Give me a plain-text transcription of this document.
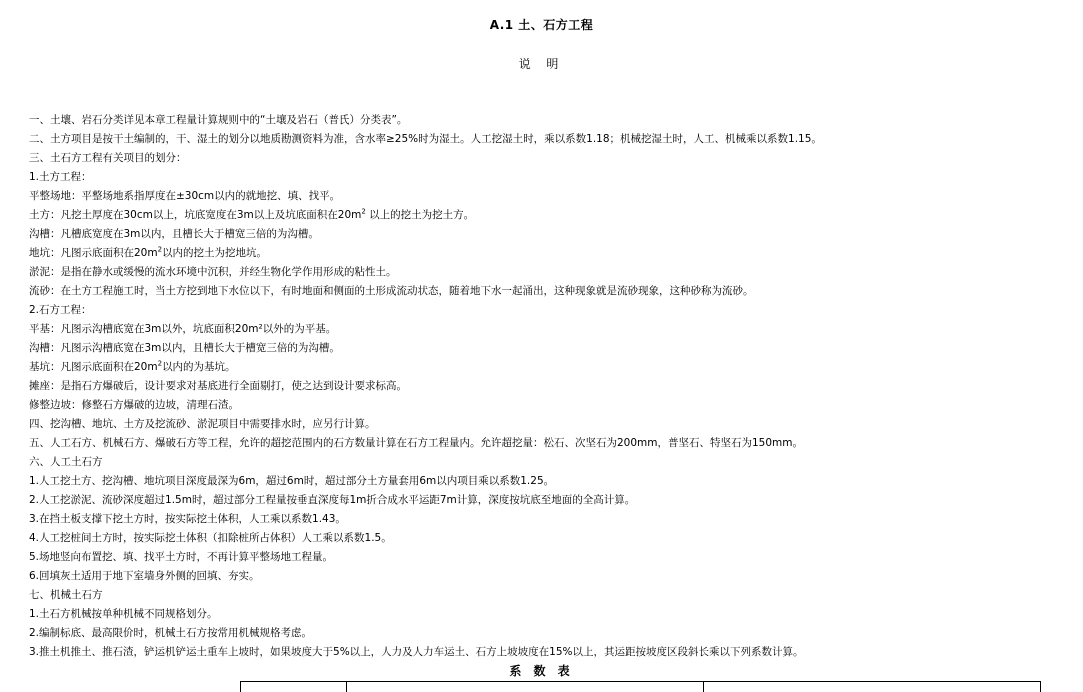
A.1 土、石方工程
说 明
一、土壤、岩石分类详见本章工程量计算规则中的“土壤及岩石（普氏）分类表”。
二、土方项目是按干土编制的，干、湿土的划分以地质勘测资料为准，含水率≥25%时为湿土。人工挖湿土时，乘以系数1.18；机械挖湿土时，人工、机械乘以系数1.15。
三、土石方工程有关项目的划分：
1.土方工程：
平整场地：平整场地系指厚度在±30cm以内的就地挖、填、找平。
土方：凡挖土厚度在30cm以上，坑底宽度在3m以上及坑底面积在$20m^2$ 以上的挖土为挖土方。
沟槽：凡槽底宽度在3m以内，且槽长大于槽宽三倍的为沟槽。
地坑：凡图示底面积在$20m^2$以内的挖土为挖地坑。
淤泥：是指在静水或缓慢的流水环境中沉积，并经生物化学作用形成的粘性土。
流砂：在土方工程施工时，当土方挖到地下水位以下，有时地面和侧面的土形成流动状态，随着地下水一起涌出，这种现象就是流砂现象，这种砂称为流砂。
2.石方工程：
平基：凡图示沟槽底宽在3m以外，坑底面积20m²以外的为平基。
沟槽：凡图示沟槽底宽在3m以内，且槽长大于槽宽三倍的为沟槽。
基坑：凡图示底面积在$20m^2$以内的为基坑。
摊座：是指石方爆破后，设计要求对基底进行全面剔打，使之达到设计要求标高。
修整边坡：修整石方爆破的边坡，清理石渣。
四、挖沟槽、地坑、土方及挖流砂、淤泥项目中需要排水时，应另行计算。
五、人工石方、机械石方、爆破石方等工程，允许的超挖范围内的石方数量计算在石方工程量内。允许超挖量：松石、次坚石为200mm，普坚石、特坚石为150mm。
六、人工土石方
1.人工挖土方、挖沟槽、地坑项目深度最深为6m，超过6m时，超过部分土方量套用6m以内项目乘以系数1.25。
2.人工挖淤泥、流砂深度超过1.5m时，超过部分工程量按垂直深度每1m折合成水平运距7m计算，深度按坑底至地面的全高计算。
3.在挡土板支撑下挖土方时，按实际挖土体积，人工乘以系数1.43。
4.人工挖桩间土方时，按实际挖土体积（扣除桩所占体积）人工乘以系数1.5。
5.场地竖向布置挖、填、找平土方时，不再计算平整场地工程量。
6.回填灰土适用于地下室墙身外侧的回填、夯实。
七、机械土石方
1.土石方机械按单种机械不同规格划分。
2.编制标底、最高限价时，机械土石方按常用机械规格考虑。
3.推土机推土、推石渣，铲运机铲运土重车上坡时，如果坡度大于5%以上，人力及人力车运土、石方上坡坡度在15%以上，其运距按坡度区段斜长乘以下列系数计算。
系 数 表
